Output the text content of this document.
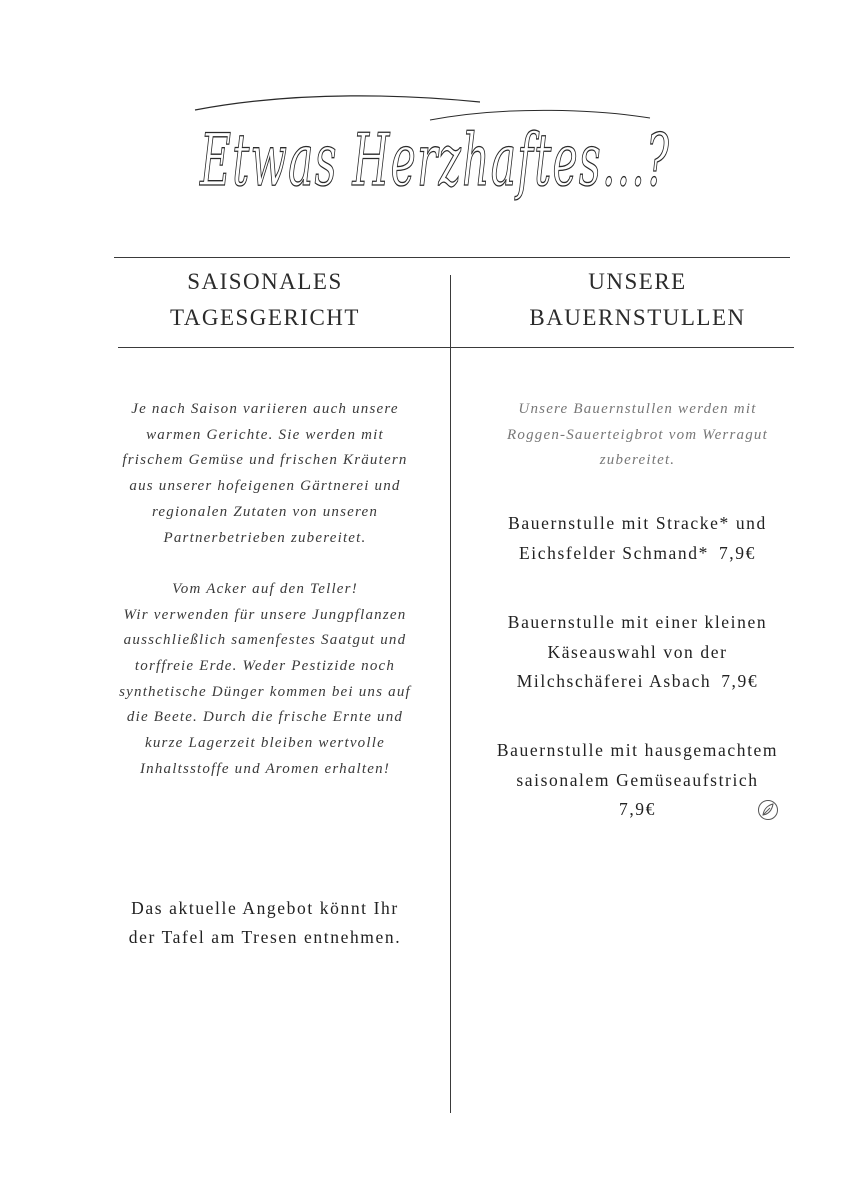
Etwas Herzhaftes...?
SAISONALES
TAGESGERICHT
UNSERE
BAUERNSTULLEN
Je nach Saison variieren auch unsere
warmen Gerichte. Sie werden mit
frischem Gemüse und frischen Kräutern
aus unserer hofeigenen Gärtnerei und
regionalen Zutaten von unseren
Partnerbetrieben zubereitet.

Vom Acker auf den Teller!
Wir verwenden für unsere Jungpflanzen
ausschließlich samenfestes Saatgut und
torffreie Erde. Weder Pestizide noch
synthetische Dünger kommen bei uns auf
die Beete. Durch die frische Ernte und
kurze Lagerzeit bleiben wertvolle
Inhaltsstoffe und Aromen erhalten!
Unsere Bauernstullen werden mit
Roggen-Sauerteigbrot vom Werragut
zubereitet.
Bauernstulle mit Stracke* und
Eichsfelder Schmand* 7,9€
Bauernstulle mit einer kleinen
Käseauswahl von der
Milchschäferei Asbach 7,9€
Bauernstulle mit hausgemachtem
saisonalem Gemüseaufstrich
7,9€
Das aktuelle Angebot könnt Ihr
der Tafel am Tresen entnehmen.
